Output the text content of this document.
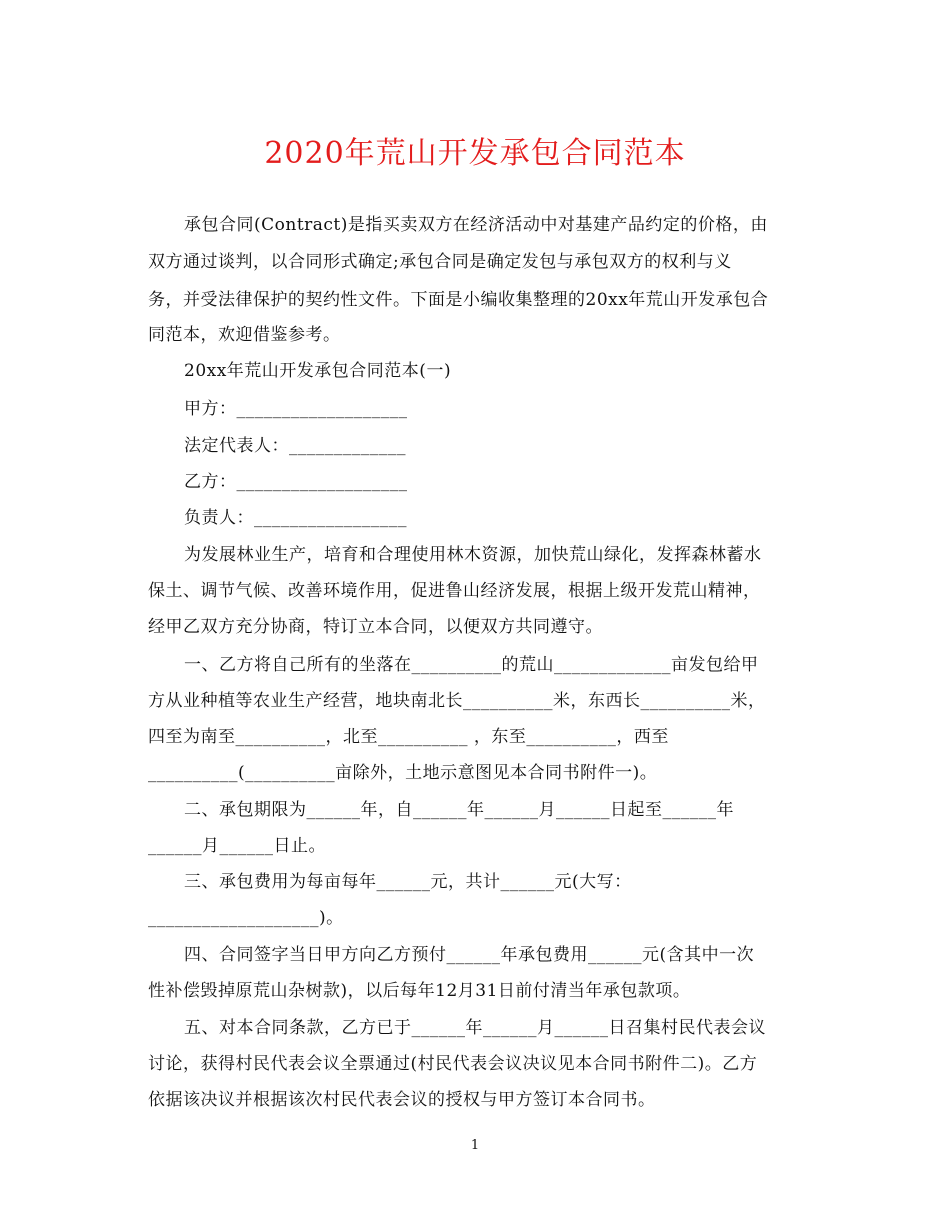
2020年荒山开发承包合同范本
承包合同(Contract)是指买卖双方在经济活动中对基建产品约定的价格，由
双方通过谈判，以合同形式确定;承包合同是确定发包与承包双方的权利与义
务，并受法律保护的契约性文件。下面是小编收集整理的20xx年荒山开发承包合
同范本，欢迎借鉴参考。
20xx年荒山开发承包合同范本(一)
甲方：___________________
法定代表人：_____________
乙方：___________________
负责人：_________________
为发展林业生产，培育和合理使用林木资源，加快荒山绿化，发挥森林蓄水
保土、调节气候、改善环境作用，促进鲁山经济发展，根据上级开发荒山精神，
经甲乙双方充分协商，特订立本合同，以便双方共同遵守。
一、乙方将自己所有的坐落在__________的荒山_____________亩发包给甲
方从业种植等农业生产经营，地块南北长__________米，东西长__________米，
四至为南至__________，北至__________ ，东至__________，西至
__________(__________亩除外，土地示意图见本合同书附件一)。
二、承包期限为______年，自______年______月______日起至______年
______月______日止。
三、承包费用为每亩每年______元，共计______元(大写：
___________________)。
四、合同签字当日甲方向乙方预付______年承包费用______元(含其中一次
性补偿毁掉原荒山杂树款)，以后每年12月31日前付清当年承包款项。
五、对本合同条款，乙方已于______年______月______日召集村民代表会议
讨论，获得村民代表会议全票通过(村民代表会议决议见本合同书附件二)。乙方
依据该决议并根据该次村民代表会议的授权与甲方签订本合同书。
1
